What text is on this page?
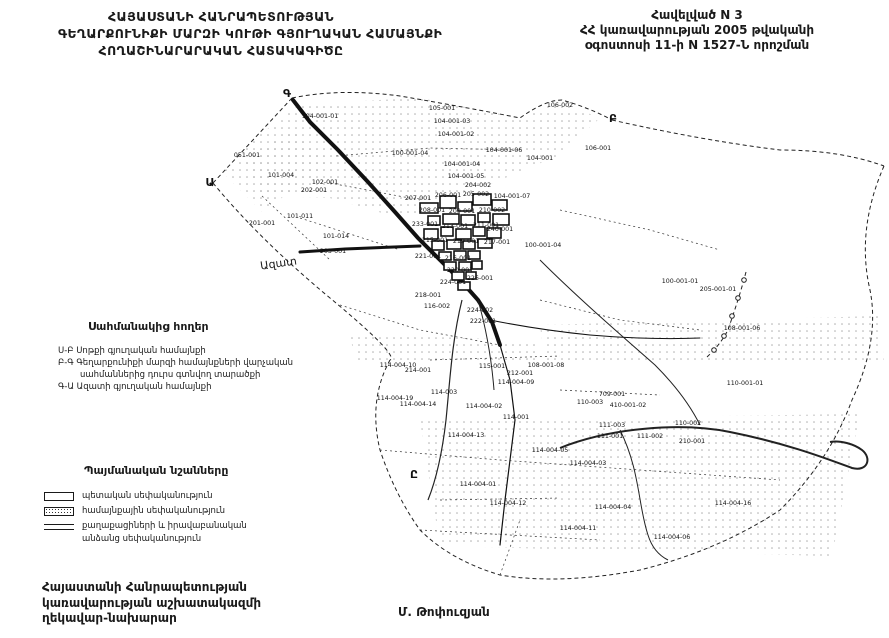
104-001-01
105-001
104-001-03
104-001-02
100-001-04
104-001-04
104-001-05
104-001-06
104-001
106-002
106-001
104-001-07
204-002
240-001
051-001
101-004
102-001
202-001
101-011
101-014
201-001
203-001
207-001 206-001 205-002
208-001 209-001 210-002
233-001 213-001 211-001
215-001 219-001 217-001 100-001-04
221-001 216-001
220-001
224-001
226-001
218-001
116-002
224-002
222-001
100-001-01
205-001-01
108-001-06
110-001-01
110-002
210-001
114-004-10	115-001	108-001-08
212-001
114-004-09
214-001
114-004-19
114-003
114-004-14	114-004-02
114-001
110-003 410-001-02
709-001
111-003
111-001 111-002
114-004-05
114-004-03
114-004-13
114-004-01
114-004-12
114-004-04
114-004-11
114-004-06
114-004-16
Գ
Բ
Ա
Ը
Ազատ
ՀԱՅԱՍՏԱՆԻ ՀԱՆՐԱՊԵՏՈՒԹՅԱՆ
ԳԵՂԱՐՔՈՒՆԻՔԻ ՄԱՐԶԻ ԿՈՒԹԻ ԳՅՈՒՂԱԿԱՆ ՀԱՄԱՅՆՔԻ
ՀՈՂԱՇԻՆԱՐԱՐԱԿԱՆ ՀԱՏԱԿԱԳԻԾԸ
Հավելված N 3
ՀՀ կառավարության 2005 թվականի
օգոստոսի 11-ի N 1527-Ն որոշման
Սահմանակից հողեր
Ս-Բ Սոթքի գյուղական համայնքի
Բ-Գ Գեղարքունիքի մարզի համայնքների վարչական
սահմաններից դուրս գտնվող տարածքի
Գ-Ա Ազատի գյուղական համայնքի
Պայմանական նշանները
պետական սեփականություն
համայնքային սեփականություն
քաղաքացիների և իրավաբանական
անձանց սեփականություն
Հայաստանի Հանրապետության
կառավարության աշխատակազմի
ղեկավար-նախարար	Մ. Թոփուզյան
